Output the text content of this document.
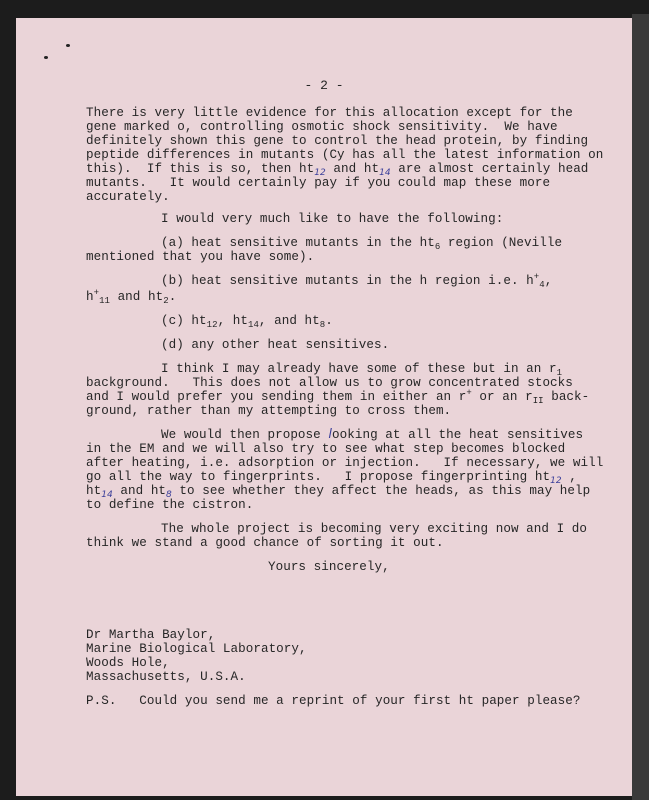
- 2 -
There is very little evidence for this allocation except for the
gene marked o, controlling osmotic shock sensitivity.  We have
definitely shown this gene to control the head protein, by finding
peptide differences in mutants (Cy has all the latest information on
this).  If this is so, then $ht_{12}$ and $ht_{14}$ are almost certainly head
mutants.   It would certainly pay if you could map these more
accurately.
I would very much like to have the following:
(a) heat sensitive mutants in the $ht_6$ region (Neville
mentioned that you have some).
(b) heat sensitive mutants in the h region i.e. $h^+_4$,
$h^+_{11}$ and $ht_2$.
(c) $ht_{12}$, $ht_{14}$, and $ht_8$.
(d) any other heat sensitives.
I think I may already have some of these but in an $r_1$
background.   This does not allow us to grow concentrated stocks
and I would prefer you sending them in either an r+ or an $r_{II}$ back-
ground, rather than my attempting to cross them.
We would then propose looking at all the heat sensitives
in the EM and we will also try to see what step becomes blocked
after heating, i.e. adsorption or injection.   If necessary, we will
go all the way to fingerprints.   I propose fingerprinting $ht_{12}$ ,
$ht_{14}$ and $ht_8$ to see whether they affect the heads, as this may help
to define the cistron.
The whole project is becoming very exciting now and I do
think we stand a good chance of sorting it out.
Yours sincerely,
Dr Martha Baylor,
Marine Biological Laboratory,
Woods Hole,
Massachusetts, U.S.A.
P.S.   Could you send me a reprint of your first ht paper please?
